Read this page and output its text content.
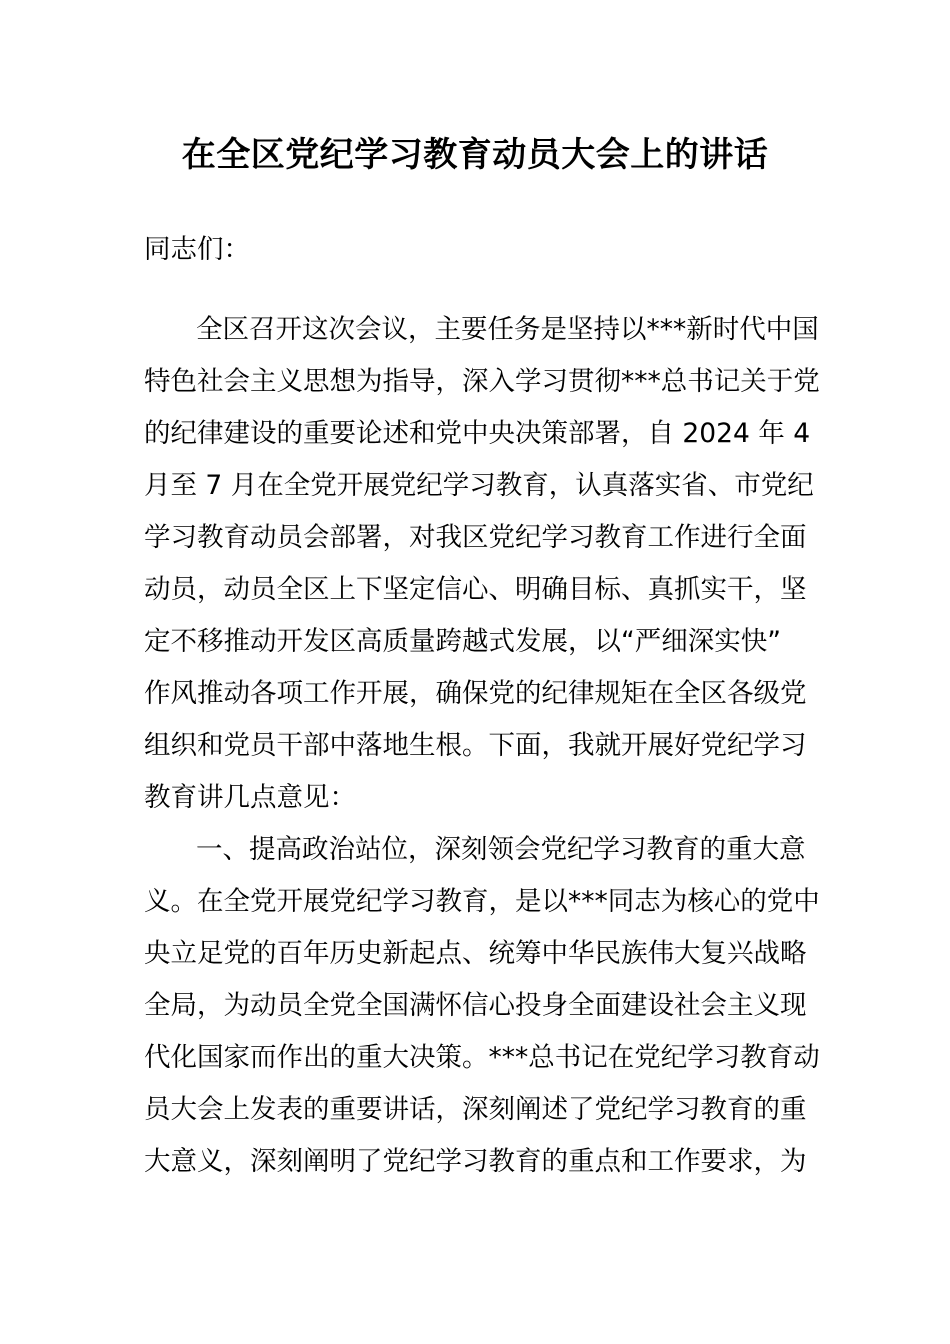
在全区党纪学习教育动员大会上的讲话
同志们：
全区召开这次会议，主要任务是坚持以***新时代中国
特色社会主义思想为指导，深入学习贯彻***总书记关于党
的纪律建设的重要论述和党中央决策部署，自 2024 年 4
月至 7 月在全党开展党纪学习教育，认真落实省、市党纪
学习教育动员会部署，对我区党纪学习教育工作进行全面
动员，动员全区上下坚定信心、明确目标、真抓实干，坚
定不移推动开发区高质量跨越式发展，以“严细深实快”
作风推动各项工作开展，确保党的纪律规矩在全区各级党
组织和党员干部中落地生根。下面，我就开展好党纪学习
教育讲几点意见：
一、提高政治站位，深刻领会党纪学习教育的重大意
义。在全党开展党纪学习教育，是以***同志为核心的党中
央立足党的百年历史新起点、统筹中华民族伟大复兴战略
全局，为动员全党全国满怀信心投身全面建设社会主义现
代化国家而作出的重大决策。***总书记在党纪学习教育动
员大会上发表的重要讲话，深刻阐述了党纪学习教育的重
大意义，深刻阐明了党纪学习教育的重点和工作要求，为
